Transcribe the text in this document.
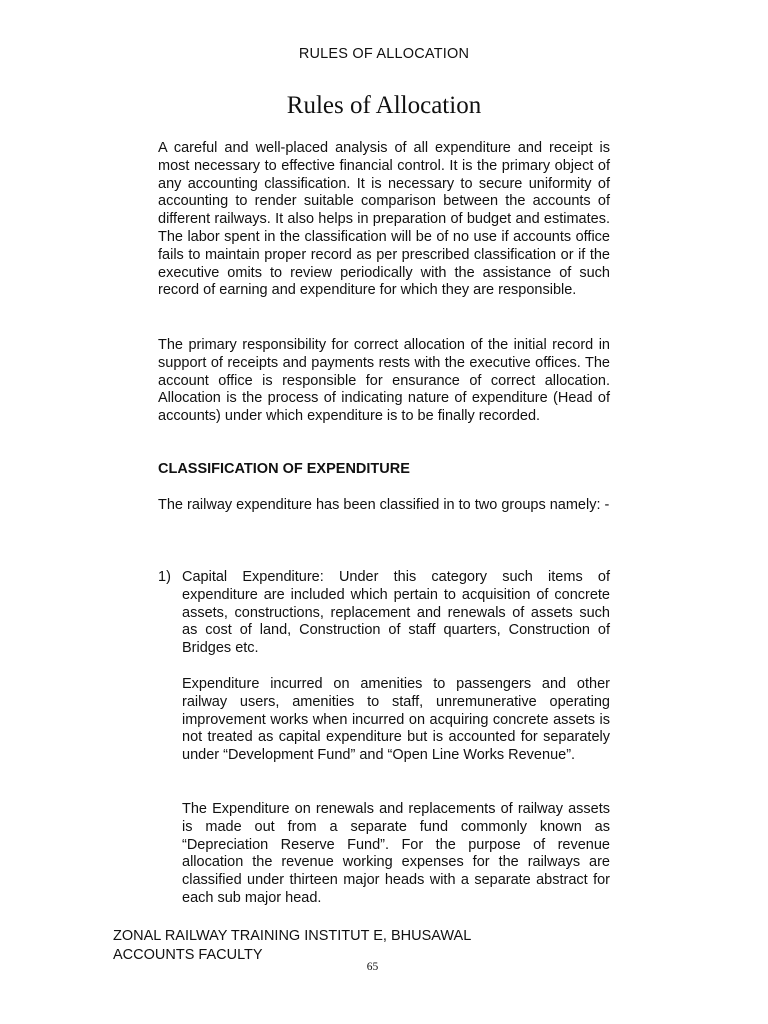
RULES OF ALLOCATION
Rules of Allocation
A careful and well-placed analysis of all expenditure and receipt is most necessary to effective financial control. It is the primary object of any accounting classification. It is necessary to secure uniformity of accounting to render suitable comparison between the accounts of different railways. It also helps in preparation of budget and estimates. The labor spent in the classification will be of no use if accounts office fails to maintain proper record as per prescribed classification or if the executive omits to review periodically with the assistance of such record of earning and expenditure for which they are responsible.
The primary responsibility for correct allocation of the initial record in support of receipts and payments rests with the executive offices. The account office is responsible for ensurance of correct allocation. Allocation is the process of indicating nature of expenditure (Head of accounts) under which expenditure is to be finally recorded.
CLASSIFICATION OF EXPENDITURE
The railway expenditure has been classified in to two groups namely: -
1) Capital Expenditure: Under this category such items of expenditure are included which pertain to acquisition of concrete assets, constructions, replacement and renewals of assets such as cost of land, Construction of staff quarters, Construction of Bridges etc.
Expenditure incurred on amenities to passengers and other railway users, amenities to staff, unremunerative operating improvement works when incurred on acquiring concrete assets is not treated as capital expenditure but is accounted for separately under “Development Fund” and “Open Line Works Revenue”.
The Expenditure on renewals and replacements of railway assets is made out from a separate fund commonly known as “Depreciation Reserve Fund”. For the purpose of revenue allocation the revenue working expenses for the railways are classified under thirteen major heads with a separate abstract for each sub major head.
ZONAL RAILWAY TRAINING INSTITUT E, BHUSAWAL
ACCOUNTS FACULTY
65
